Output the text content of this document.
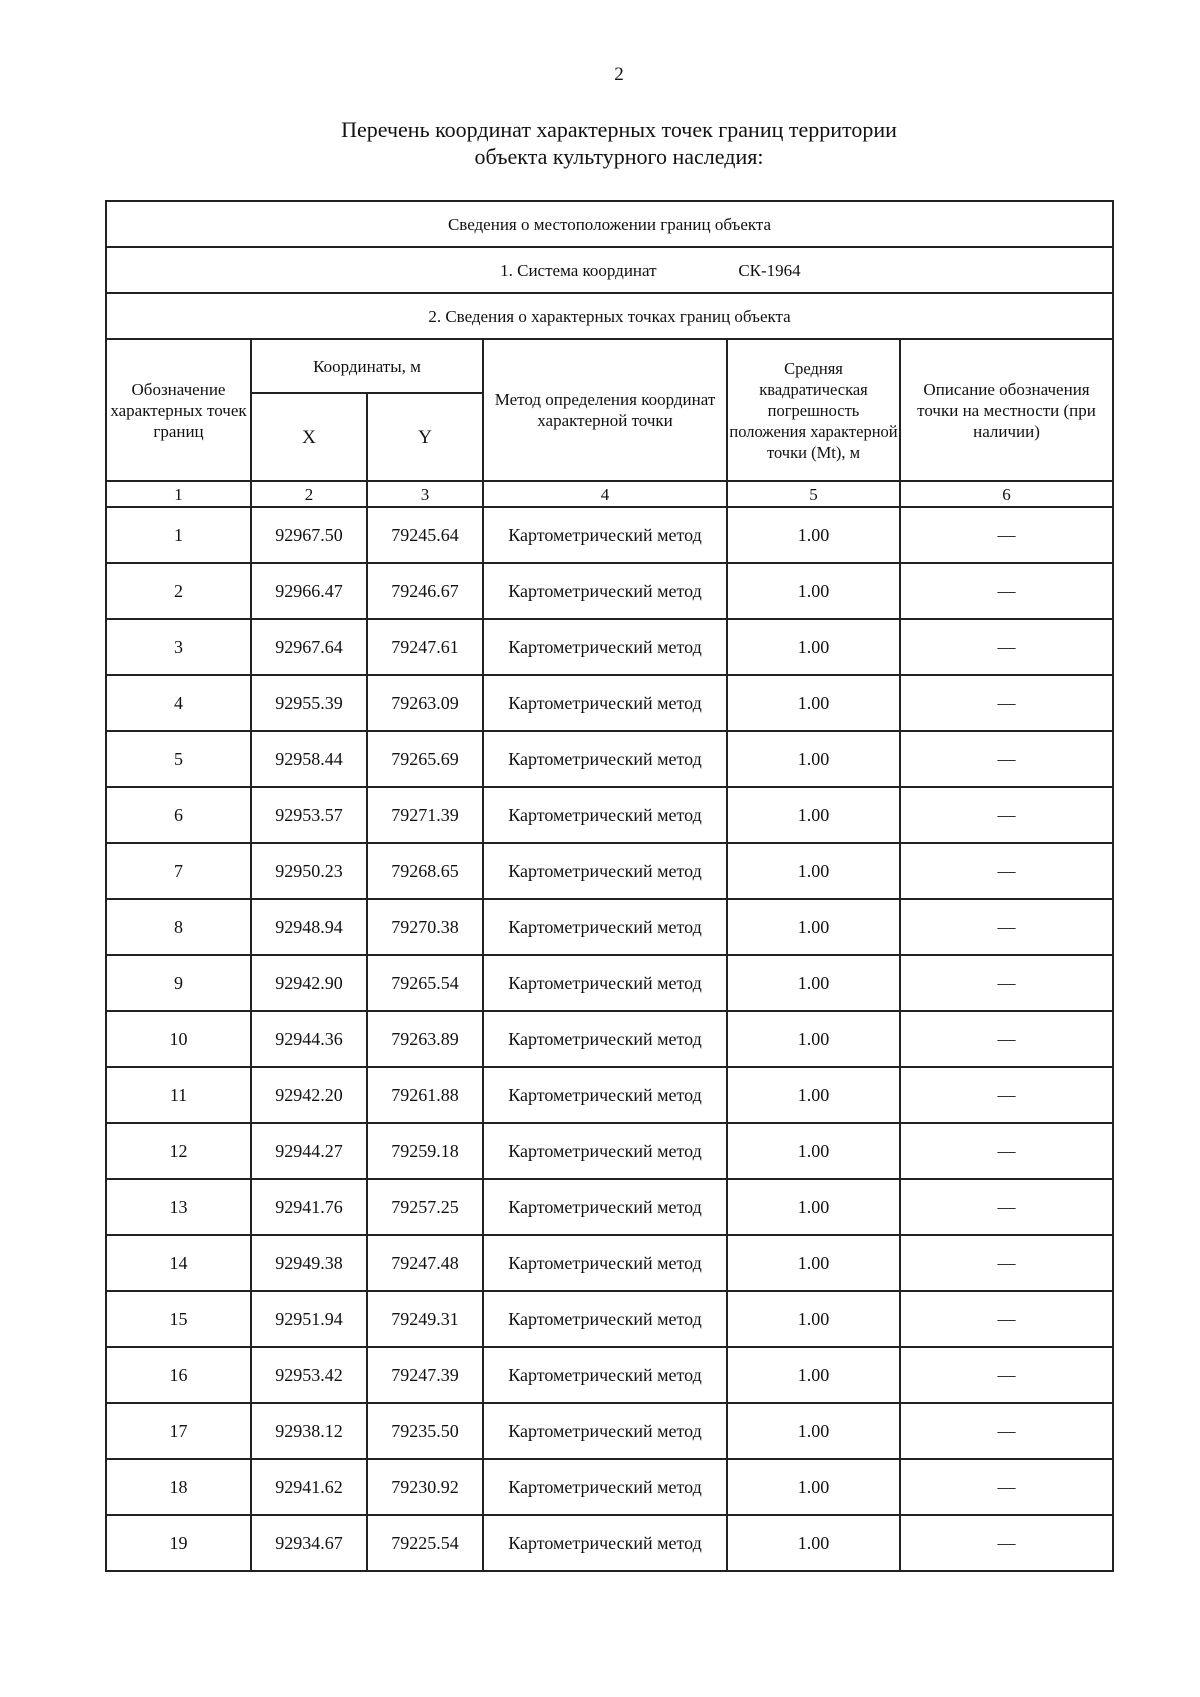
2
Перечень координат характерных точек границ территории
объекта культурного наследия:
Сведения о местоположении границ объекта					
1. Система координат СК-1964					
2. Сведения о характерных точках границ объекта					
Обозначение характерных точек границ	Координаты, м		Метод определения координат характерной точки	Средняя квадратическая погрешность положения характерной точки (Mt), м	Описание обозначения точки на местности (при наличии)
	X	Y			
1	2	3	4	5	6
1	92967.50	79245.64	Картометрический метод	1.00	—
2	92966.47	79246.67	Картометрический метод	1.00	—
3	92967.64	79247.61	Картометрический метод	1.00	—
4	92955.39	79263.09	Картометрический метод	1.00	—
5	92958.44	79265.69	Картометрический метод	1.00	—
6	92953.57	79271.39	Картометрический метод	1.00	—
7	92950.23	79268.65	Картометрический метод	1.00	—
8	92948.94	79270.38	Картометрический метод	1.00	—
9	92942.90	79265.54	Картометрический метод	1.00	—
10	92944.36	79263.89	Картометрический метод	1.00	—
11	92942.20	79261.88	Картометрический метод	1.00	—
12	92944.27	79259.18	Картометрический метод	1.00	—
13	92941.76	79257.25	Картометрический метод	1.00	—
14	92949.38	79247.48	Картометрический метод	1.00	—
15	92951.94	79249.31	Картометрический метод	1.00	—
16	92953.42	79247.39	Картометрический метод	1.00	—
17	92938.12	79235.50	Картометрический метод	1.00	—
18	92941.62	79230.92	Картометрический метод	1.00	—
19	92934.67	79225.54	Картометрический метод	1.00	—
